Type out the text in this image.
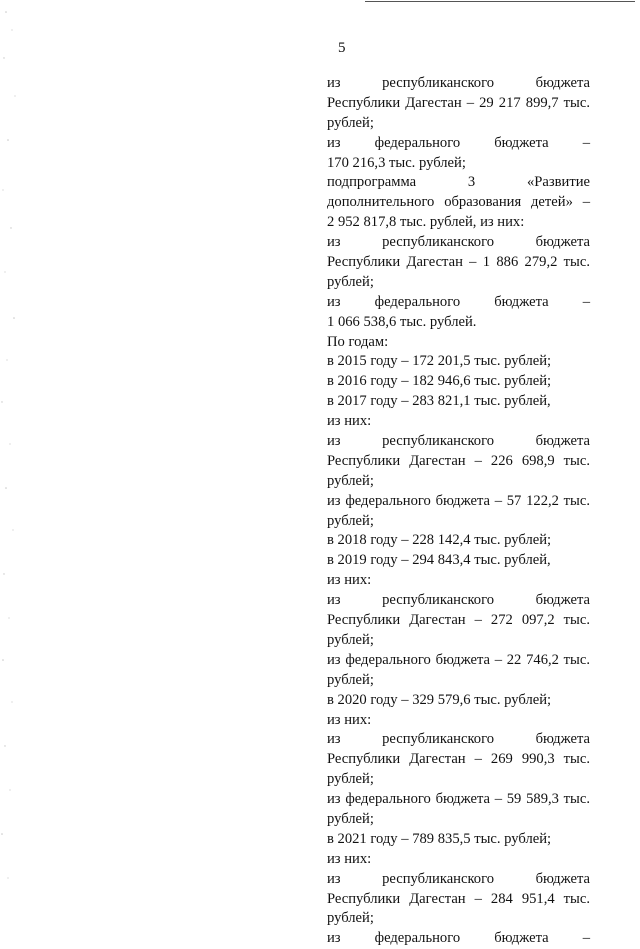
5
из республиканского бюджета
Республики Дагестан – 29 217 899,7 тыс.
рублей;
из федерального бюджета –
170 216,3 тыс. рублей;
подпрограмма 3 «Развитие
дополнительного образования детей» –
2 952 817,8 тыс. рублей, из них:
из республиканского бюджета
Республики Дагестан – 1 886 279,2 тыс.
рублей;
из федерального бюджета –
1 066 538,6 тыс. рублей.
По годам:
в 2015 году – 172 201,5 тыс. рублей;
в 2016 году – 182 946,6 тыс. рублей;
в 2017 году – 283 821,1 тыс. рублей,
из них:
из республиканского бюджета
Республики Дагестан – 226 698,9 тыс.
рублей;
из федерального бюджета – 57 122,2 тыс.
рублей;
в 2018 году – 228 142,4 тыс. рублей;
в 2019 году – 294 843,4 тыс. рублей,
из них:
из республиканского бюджета
Республики Дагестан – 272 097,2 тыс.
рублей;
из федерального бюджета – 22 746,2 тыс.
рублей;
в 2020 году – 329 579,6 тыс. рублей;
из них:
из республиканского бюджета
Республики Дагестан – 269 990,3 тыс.
рублей;
из федерального бюджета – 59 589,3 тыс.
рублей;
в 2021 году – 789 835,5 тыс. рублей;
из них:
из республиканского бюджета
Республики Дагестан – 284 951,4 тыс.
рублей;
из федерального бюджета –
